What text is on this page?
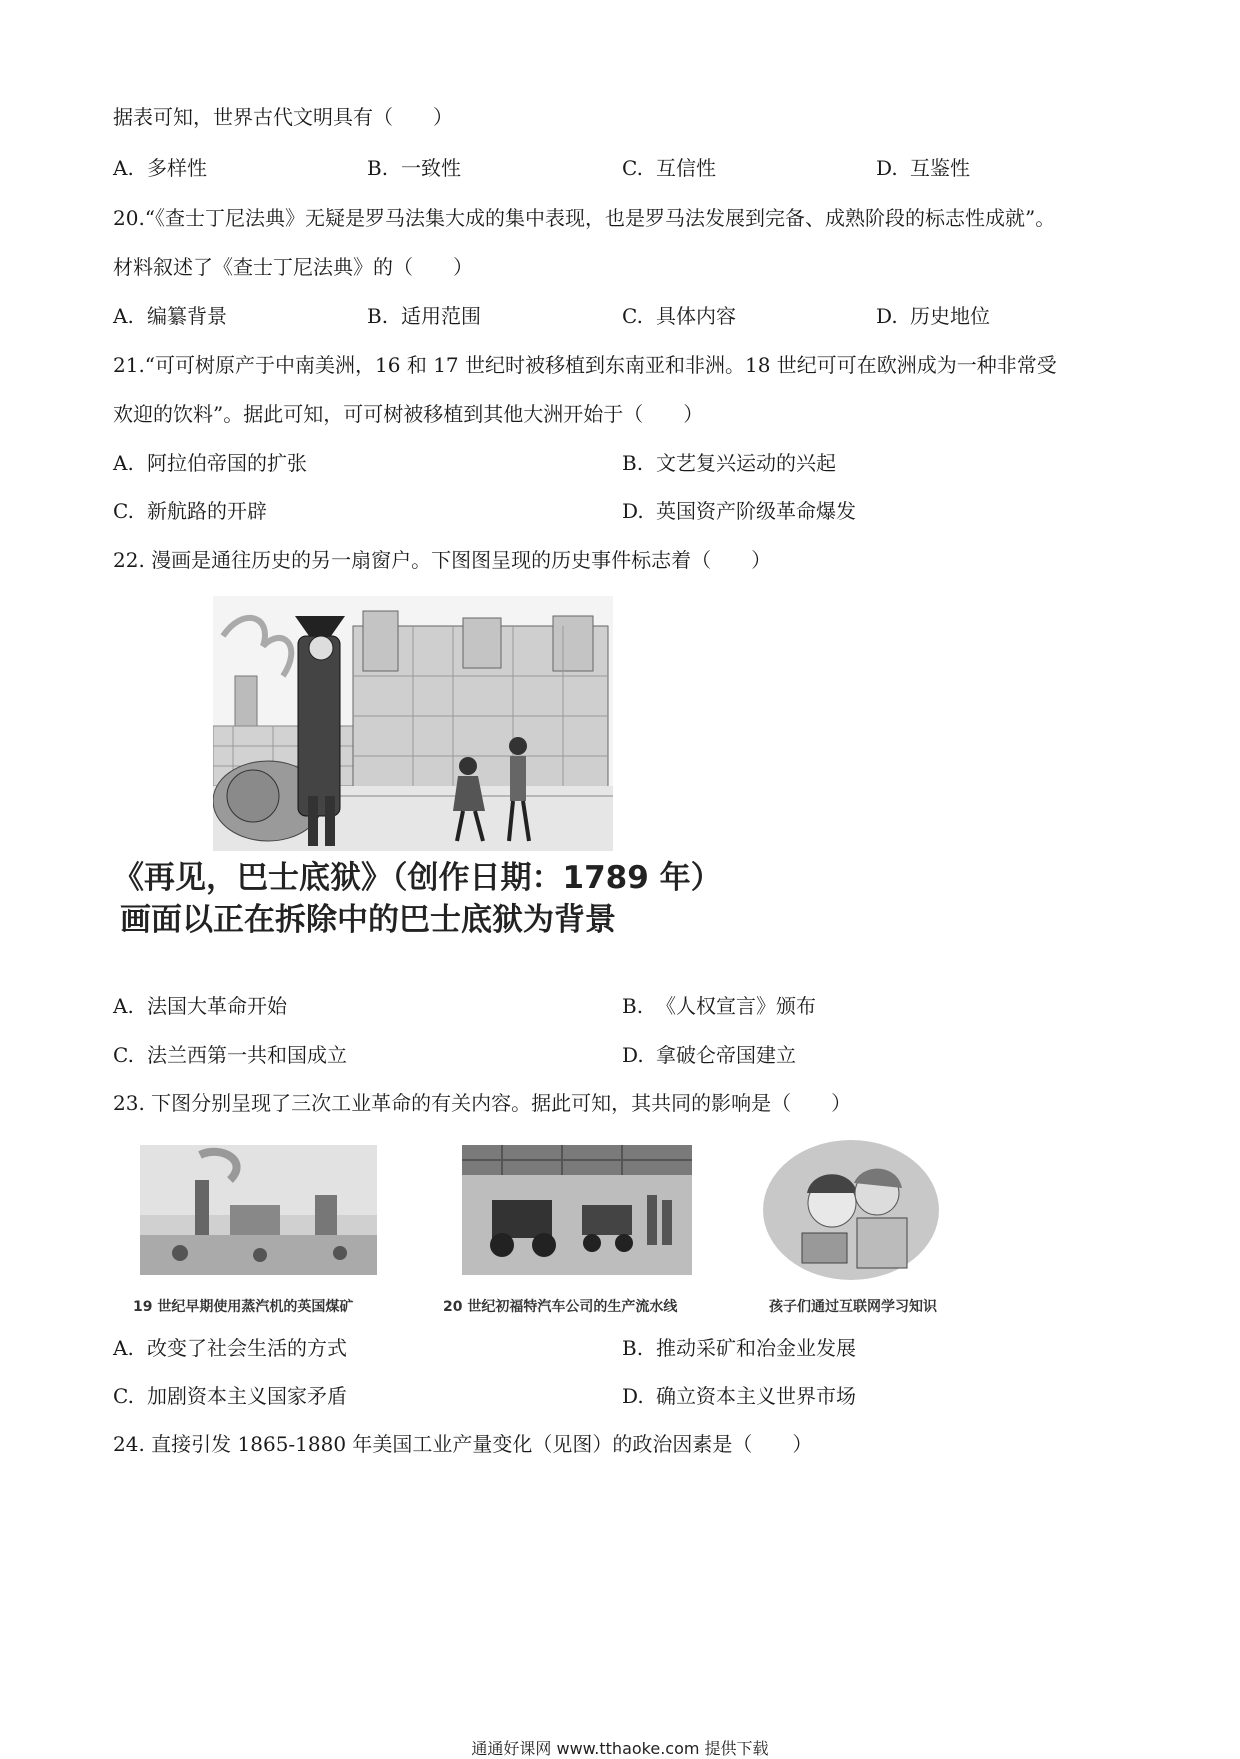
据表可知，世界古代文明具有（　　）
A. 多样性	B. 一致性	C. 互信性	D. 互鉴性
20.“《查士丁尼法典》无疑是罗马法集大成的集中表现，也是罗马法发展到完备、成熟阶段的标志性成就”。
材料叙述了《查士丁尼法典》的（　　）
A. 编纂背景	B. 适用范围	C. 具体内容	D. 历史地位
21.“可可树原产于中南美洲，16 和 17 世纪时被移植到东南亚和非洲。18 世纪可可在欧洲成为一种非常受
欢迎的饮料”。据此可知，可可树被移植到其他大洲开始于（　　）
A. 阿拉伯帝国的扩张	B. 文艺复兴运动的兴起
C. 新航路的开辟	D. 英国资产阶级革命爆发
22. 漫画是通往历史的另一扇窗户。下图图呈现的历史事件标志着（　　）
《再见，巴士底狱》（创作日期：1789 年）
画面以正在拆除中的巴士底狱为背景
A. 法国大革命开始	B. 《人权宣言》颁布
C. 法兰西第一共和国成立	D. 拿破仑帝国建立
23. 下图分别呈现了三次工业革命的有关内容。据此可知，其共同的影响是（　　）
19 世纪早期使用蒸汽机的英国煤矿	20 世纪初福特汽车公司的生产流水线	孩子们通过互联网学习知识
A. 改变了社会生活的方式	B. 推动采矿和冶金业发展
C. 加剧资本主义国家矛盾	D. 确立资本主义世界市场
24. 直接引发 1865-1880 年美国工业产量变化（见图）的政治因素是（　　）
通通好课网 www.tthaoke.com 提供下载
